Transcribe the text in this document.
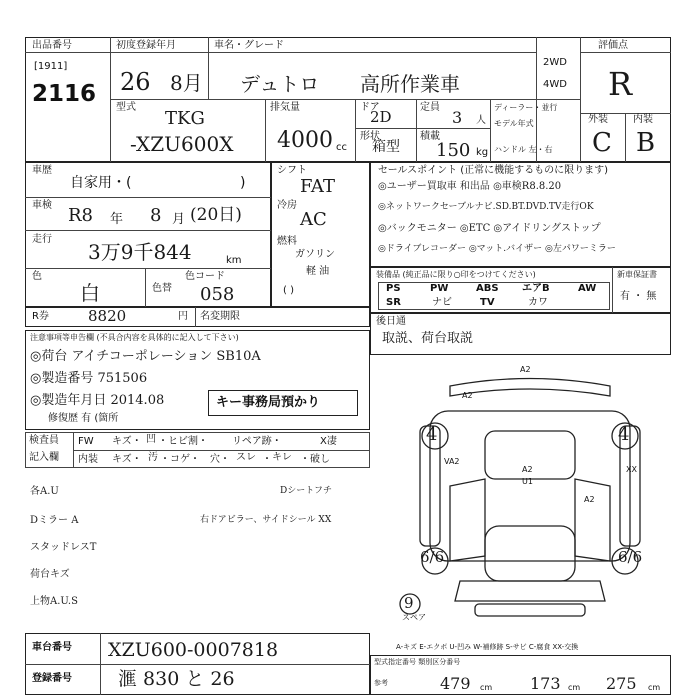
出品番号
[1911]
2116
初度登録年月
26 8月
車名・グレード
デュトロ 高所作業車
2WD
4WD
評価点
R
外装	内装
C B
型式
TKG
-XZU600X
排気量
4000 cc
ドア
2D
定員
3 人
形状
箱型
積載
150 kg
ディーラー・並行
モデル年式
ハンドル 左・右
車歴
自家用・(	)
車検 R8 年 8 月 (20日)
走行
3万9千844	km
色
白	色替
色コード
058
シフト
FAT
冷房
AC
燃料
ガソリン
軽 油
( )
R券	8820	円 名変期限
セールスポイント (正常に機能するものに限ります)
◎ユーザー買取車 和出品 ◎車検R8.8.20
◎ネットワークセーブルナビ.SD.BT.DVD.TV走行OK
◎バックモニター ◎ETC ◎アイドリングストップ
◎ドライブレコーダー ◎マット.バイザー ◎左パワーミラー
装備品 (純正品に限り○印をつけてください)	新車保証書
有 ・ 無
PS	PW	ABS エアB	AW
SR	ナビ	TV	カワ
注意事項等申告欄 (不具合内容を具体的に記入して下さい)
◎荷台 アイチコーポレーション SB10A
◎製造番号 751506
◎製造年月日 2014.08
修復歴 有 (箇所
キー事務局預かり
後日通
取説、荷台取説
検査員
記入欄
FW キズ・ 凹 ・ヒビ割・ リペア跡・	X凄
内装 キズ・ 汚 ・コゲ・ 穴・ スレ ・ キレ ・破し
各A.U
Dミラー A
スタッドレスT
荷台キズ
上物A.U.S
Dシートフチ
右ドアビラー、サイドシール XX
A2
A2
VA2
A2
U1
XX
A2
4	4
6/6	6/6
9
スペア
A-キズ E-エクボ U-凹み W-補修跡 S-サビ C-腐食 XX-交換
型式指定番号 類別区分番号
参考	479 cm 173 cm 275 cm
車台番号 XZU600-0007818
登録番号 滙 830 と 26
